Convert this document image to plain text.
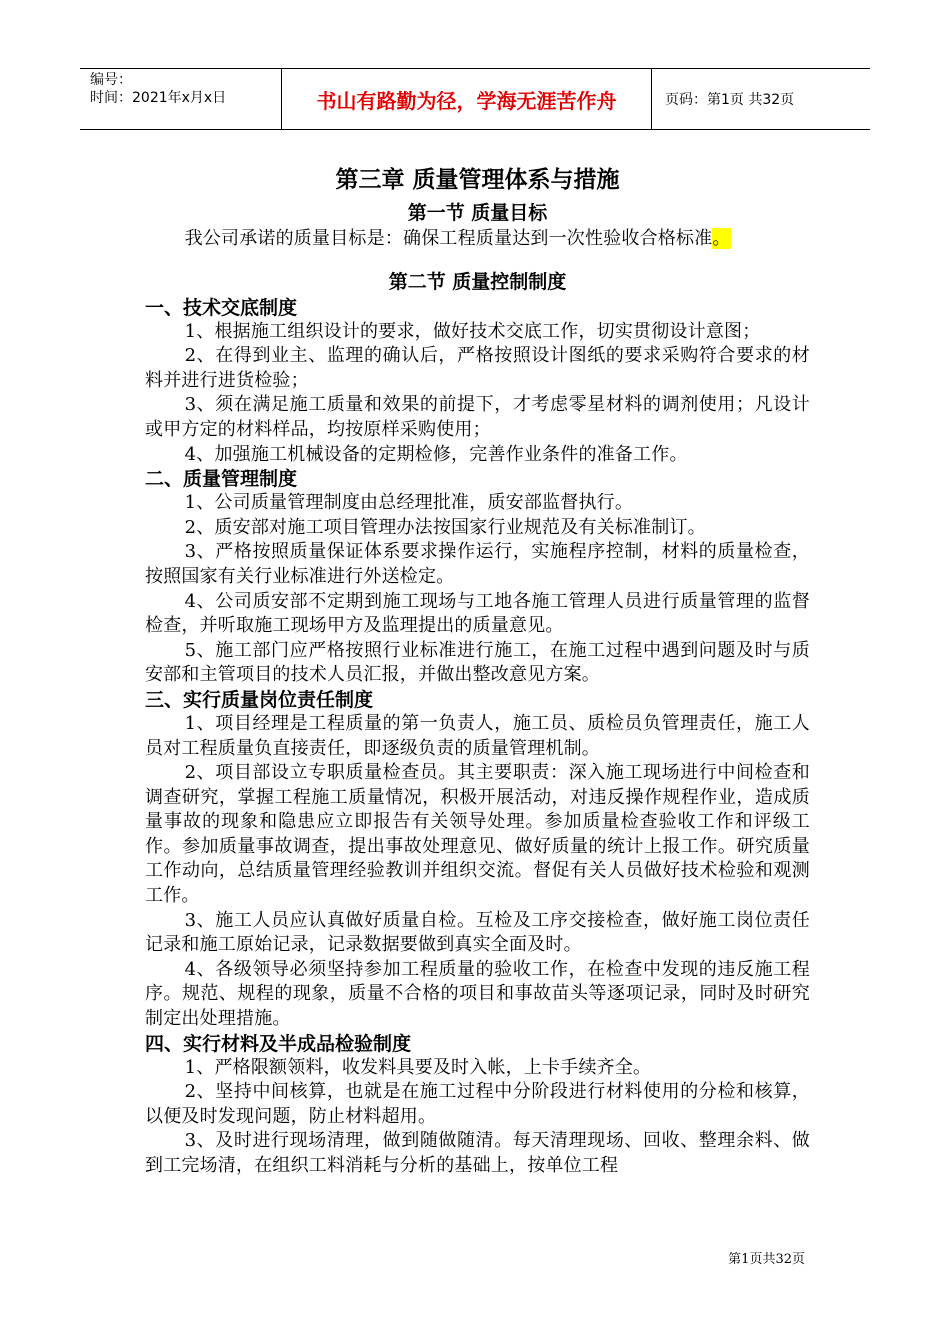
编号：
时间：2021年x月x日	书山有路勤为径，学海无涯苦作舟	页码：第1页 共32页
第三章 质量管理体系与措施
第一节 质量目标

我公司承诺的质量目标是：确保工程质量达到一次性验收合格标准。

第二节 质量控制制度
一、技术交底制度

1、根据施工组织设计的要求，做好技术交底工作，切实贯彻设计意图；

2、在得到业主、监理的确认后，严格按照设计图纸的要求采购符合要求的材料并进行进货检验；

3、须在满足施工质量和效果的前提下，才考虑零星材料的调剂使用；凡设计或甲方定的材料样品，均按原样采购使用；

4、加强施工机械设备的定期检修，完善作业条件的准备工作。

二、质量管理制度

1、公司质量管理制度由总经理批准，质安部监督执行。

2、质安部对施工项目管理办法按国家行业规范及有关标准制订。

3、严格按照质量保证体系要求操作运行，实施程序控制，材料的质量检查，按照国家有关行业标准进行外送检定。

4、公司质安部不定期到施工现场与工地各施工管理人员进行质量管理的监督检查，并听取施工现场甲方及监理提出的质量意见。

5、施工部门应严格按照行业标准进行施工，在施工过程中遇到问题及时与质安部和主管项目的技术人员汇报，并做出整改意见方案。

三、实行质量岗位责任制度

1、项目经理是工程质量的第一负责人，施工员、质检员负管理责任，施工人员对工程质量负直接责任，即逐级负责的质量管理机制。

2、项目部设立专职质量检查员。其主要职责：深入施工现场进行中间检查和调查研究，掌握工程施工质量情况，积极开展活动，对违反操作规程作业，造成质量事故的现象和隐患应立即报告有关领导处理。参加质量检查验收工作和评级工作。参加质量事故调查，提出事故处理意见、做好质量的统计上报工作。研究质量工作动向，总结质量管理经验教训并组织交流。督促有关人员做好技术检验和观测工作。

3、施工人员应认真做好质量自检。互检及工序交接检查，做好施工岗位责任记录和施工原始记录，记录数据要做到真实全面及时。

4、各级领导必须坚持参加工程质量的验收工作，在检查中发现的违反施工程序。规范、规程的现象，质量不合格的项目和事故苗头等逐项记录，同时及时研究制定出处理措施。

四、实行材料及半成品检验制度

1、严格限额领料，收发料具要及时入帐，上卡手续齐全。

2、坚持中间核算，也就是在施工过程中分阶段进行材料使用的分检和核算，以便及时发现问题，防止材料超用。

3、及时进行现场清理，做到随做随清。每天清理现场、回收、整理余料、做到工完场清，在组织工料消耗与分析的基础上，按单位工程

第1页共32页
